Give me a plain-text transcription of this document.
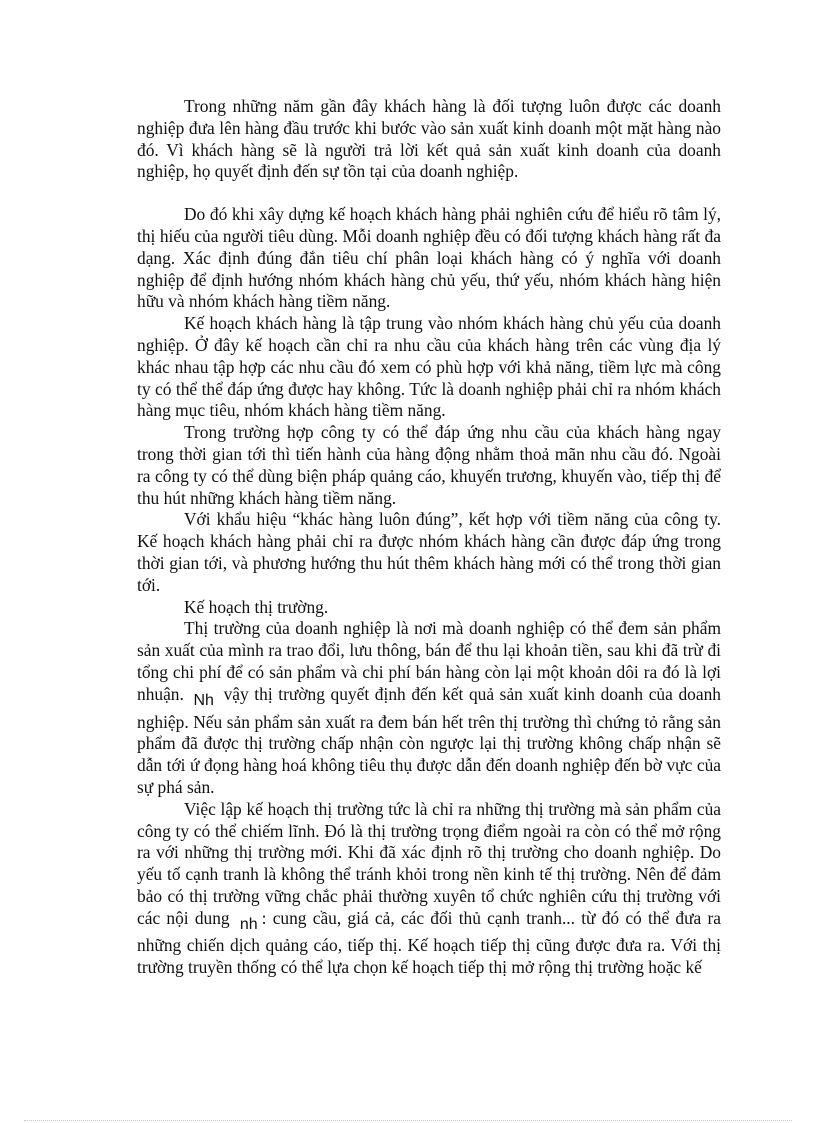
Trong những năm gần đây khách hàng là đối tượng luôn được các doanh nghiệp đưa lên hàng đầu trước khi bước vào sản xuất kinh doanh một mặt hàng nào đó. Vì khách hàng sẽ là người trả lời kết quả sản xuất kinh doanh của doanh nghiệp, họ quyết định đến sự tồn tại của doanh nghiệp.

Do đó khi xây dựng kế hoạch khách hàng phải nghiên cứu để hiểu rõ tâm lý, thị hiếu của người tiêu dùng. Mỗi doanh nghiệp đều có đối tượng khách hàng rất đa dạng. Xác định đúng đắn tiêu chí phân loại khách hàng có ý nghĩa với doanh nghiệp để định hướng nhóm khách hàng chủ yếu, thứ yếu, nhóm khách hàng hiện hữu và nhóm khách hàng tiềm năng.

Kế hoạch khách hàng là tập trung vào nhóm khách hàng chủ yếu của doanh nghiệp. Ở đây kế hoạch cần chỉ ra nhu cầu của khách hàng trên các vùng địa lý khác nhau tập hợp các nhu cầu đó xem có phù hợp với khả năng, tiềm lực mà công ty có thể thể đáp ứng được hay không. Tức là doanh nghiệp phải chỉ ra nhóm khách hàng mục tiêu, nhóm khách hàng tiềm năng.

Trong trường hợp công ty có thể đáp ứng nhu cầu của khách hàng ngay trong thời gian tới thì tiến hành của hàng động nhằm thoả mãn nhu cầu đó. Ngoài ra công ty có thể dùng biện pháp quảng cáo, khuyến trương, khuyến vào, tiếp thị để thu hút những khách hàng tiềm năng.

Với khẩu hiệu “khác hàng luôn đúng”, kết hợp với tiềm năng của công ty. Kế hoạch khách hàng phải chỉ ra được nhóm khách hàng cần được đáp ứng trong thời gian tới, và phương hướng thu hút thêm khách hàng mới có thể trong thời gian tới.

Kế hoạch thị trường.

Thị trường của doanh nghiệp là nơi mà doanh nghiệp có thể đem sản phẩm sản xuất của mình ra trao đổi, lưu thông, bán để thu lại khoản tiền, sau khi đã trừ đi tổng chi phí để có sản phẩm và chi phí bán hàng còn lại một khoản dôi ra đó là lợi nhuận. Nh vậy thị trường quyết định đến kết quả sản xuất kinh doanh của doanh nghiệp. Nếu sản phẩm sản xuất ra đem bán hết trên thị trường thì chứng tỏ rằng sản phẩm đã được thị trường chấp nhận còn ngược lại thị trường không chấp nhận sẽ dẫn tới ứ đọng hàng hoá không tiêu thụ được dẫn đến doanh nghiệp đến bờ vực của sự phá sản.

Việc lập kế hoạch thị trường tức là chỉ ra những thị trường mà sản phẩm của công ty có thể chiếm lĩnh. Đó là thị trường trọng điểm ngoài ra còn có thể mở rộng ra với những thị trường mới. Khi đã xác định rõ thị trường cho doanh nghiệp. Do yếu tố cạnh tranh là không thể tránh khỏi trong nền kinh tế thị trường. Nên để đảm bảo có thị trường vững chắc phải thường xuyên tổ chức nghiên cứu thị trường với các nội dung nh : cung cầu, giá cả, các đối thủ cạnh tranh... từ đó có thể đưa ra những chiến dịch quảng cáo, tiếp thị. Kế hoạch tiếp thị cũng được đưa ra. Với thị trường truyền thống có thể lựa chọn kế hoạch tiếp thị mở rộng thị trường hoặc kế
